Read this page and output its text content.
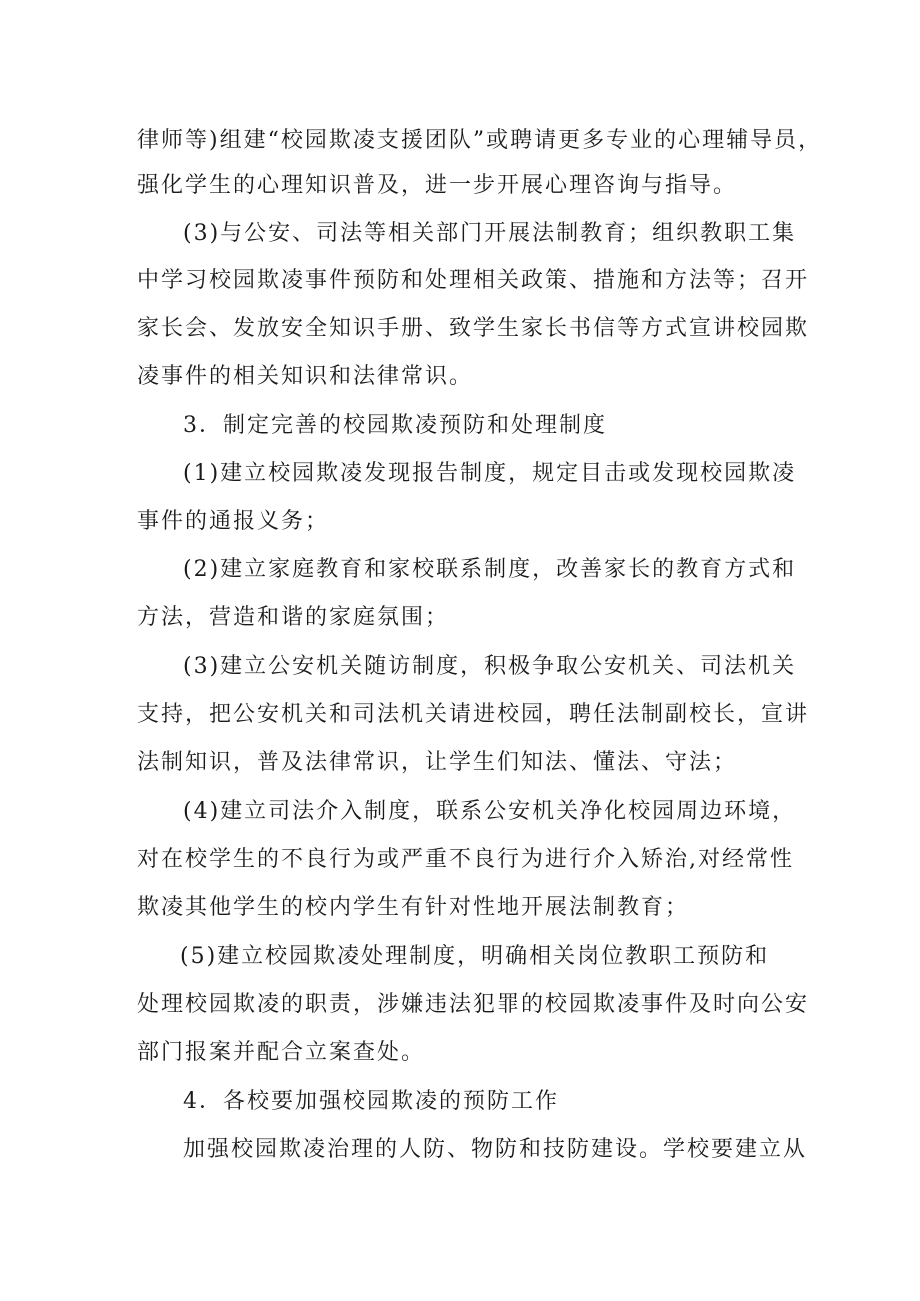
律师等)组建“校园欺凌支援团队”或聘请更多专业的心理辅导员，
强化学生的心理知识普及，进一步开展心理咨询与指导。
(3)与公安、司法等相关部门开展法制教育；组织教职工集
中学习校园欺凌事件预防和处理相关政策、措施和方法等；召开
家长会、发放安全知识手册、致学生家长书信等方式宣讲校园欺
凌事件的相关知识和法律常识。
3．制定完善的校园欺凌预防和处理制度
(1)建立校园欺凌发现报告制度，规定目击或发现校园欺凌
事件的通报义务；
(2)建立家庭教育和家校联系制度，改善家长的教育方式和
方法，营造和谐的家庭氛围；
(3)建立公安机关随访制度，积极争取公安机关、司法机关
支持，把公安机关和司法机关请进校园，聘任法制副校长，宣讲
法制知识，普及法律常识，让学生们知法、懂法、守法；
(4)建立司法介入制度，联系公安机关净化校园周边环境，
对在校学生的不良行为或严重不良行为进行介入矫治,对经常性
欺凌其他学生的校内学生有针对性地开展法制教育；
(5)建立校园欺凌处理制度，明确相关岗位教职工预防和
处理校园欺凌的职责，涉嫌违法犯罪的校园欺凌事件及时向公安
部门报案并配合立案查处。
4．各校要加强校园欺凌的预防工作
加强校园欺凌治理的人防、物防和技防建设。学校要建立从
